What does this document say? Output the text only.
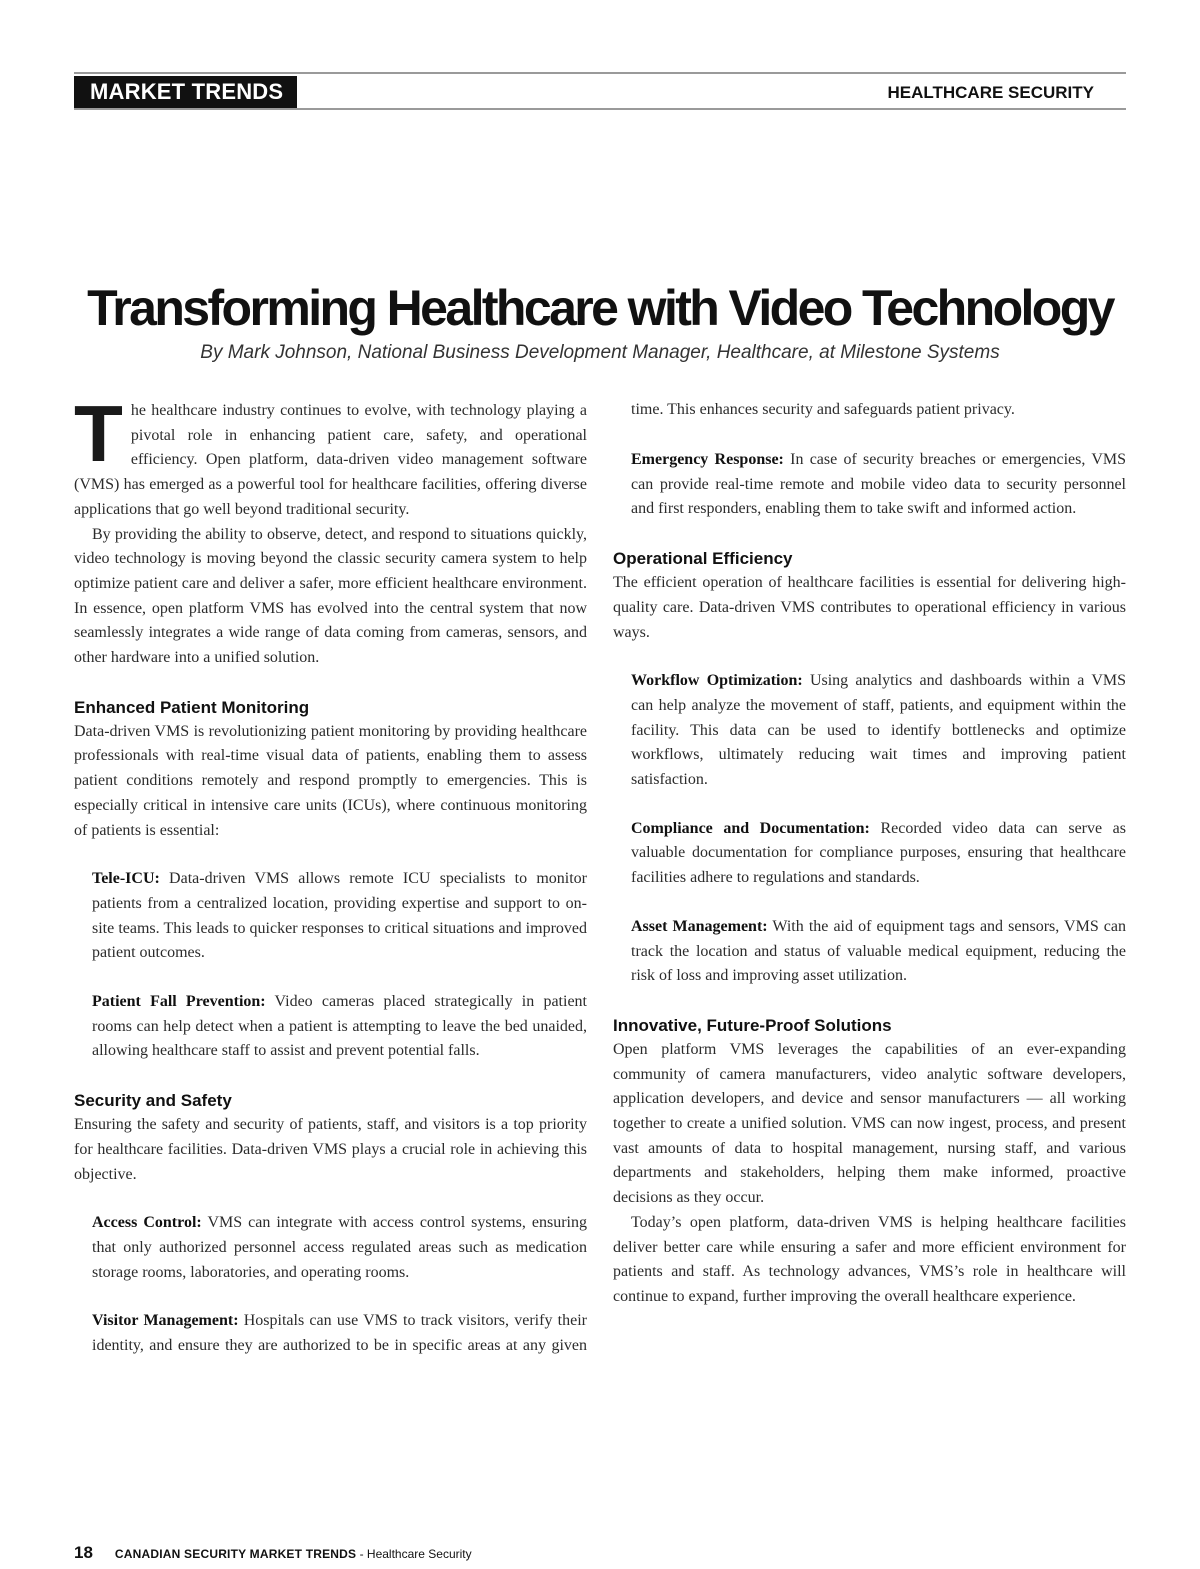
MARKET TRENDS	HEALTHCARE SECURITY
Transforming Healthcare with Video Technology
By Mark Johnson, National Business Development Manager, Healthcare, at Milestone Systems

The healthcare industry continues to evolve, with technology playing a pivotal role in enhancing patient care, safety, and operational efficiency. Open platform, data-driven video management software (VMS) has emerged as a powerful tool for healthcare facilities, offering diverse applications that go well beyond traditional security.

By providing the ability to observe, detect, and respond to situations quickly, video technology is moving beyond the classic security camera system to help optimize patient care and deliver a safer, more efficient healthcare environment. In essence, open platform VMS has evolved into the central system that now seamlessly integrates a wide range of data coming from cameras, sensors, and other hardware into a unified solution.

Enhanced Patient Monitoring

Data-driven VMS is revolutionizing patient monitoring by providing healthcare professionals with real-time visual data of patients, enabling them to assess patient conditions remotely and respond promptly to emergencies. This is especially critical in intensive care units (ICUs), where continuous monitoring of patients is essential:

Tele-ICU: Data-driven VMS allows remote ICU specialists to monitor patients from a centralized location, providing expertise and support to on-site teams. This leads to quicker responses to critical situations and improved patient outcomes.

Patient Fall Prevention: Video cameras placed strategically in patient rooms can help detect when a patient is attempting to leave the bed unaided, allowing healthcare staff to assist and prevent potential falls.

Security and Safety

Ensuring the safety and security of patients, staff, and visitors is a top priority for healthcare facilities. Data-driven VMS plays a crucial role in achieving this objective.

Access Control: VMS can integrate with access control systems, ensuring that only authorized personnel access regulated areas such as medication storage rooms, laboratories, and operating rooms.

Visitor Management: Hospitals can use VMS to track visitors, verify their identity, and ensure they are authorized to be in specific areas at any given

time. This enhances security and safeguards patient privacy.

Emergency Response: In case of security breaches or emergencies, VMS can provide real-time remote and mobile video data to security personnel and first responders, enabling them to take swift and informed action.

Operational Efficiency

The efficient operation of healthcare facilities is essential for delivering high-quality care. Data-driven VMS contributes to operational efficiency in various ways.

Workflow Optimization: Using analytics and dashboards within a VMS can help analyze the movement of staff, patients, and equipment within the facility. This data can be used to identify bottlenecks and optimize workflows, ultimately reducing wait times and improving patient satisfaction.

Compliance and Documentation: Recorded video data can serve as valuable documentation for compliance purposes, ensuring that healthcare facilities adhere to regulations and standards.

Asset Management: With the aid of equipment tags and sensors, VMS can track the location and status of valuable medical equipment, reducing the risk of loss and improving asset utilization.

Innovative, Future-Proof Solutions

Open platform VMS leverages the capabilities of an ever-expanding community of camera manufacturers, video analytic software developers, application developers, and device and sensor manufacturers — all working together to create a unified solution. VMS can now ingest, process, and present vast amounts of data to hospital management, nursing staff, and various departments and stakeholders, helping them make informed, proactive decisions as they occur.

Today’s open platform, data-driven VMS is helping healthcare facilities deliver better care while ensuring a safer and more efficient environment for patients and staff. As technology advances, VMS’s role in healthcare will continue to expand, further improving the overall healthcare experience.

18 CANADIAN SECURITY MARKET TRENDS - Healthcare Security
